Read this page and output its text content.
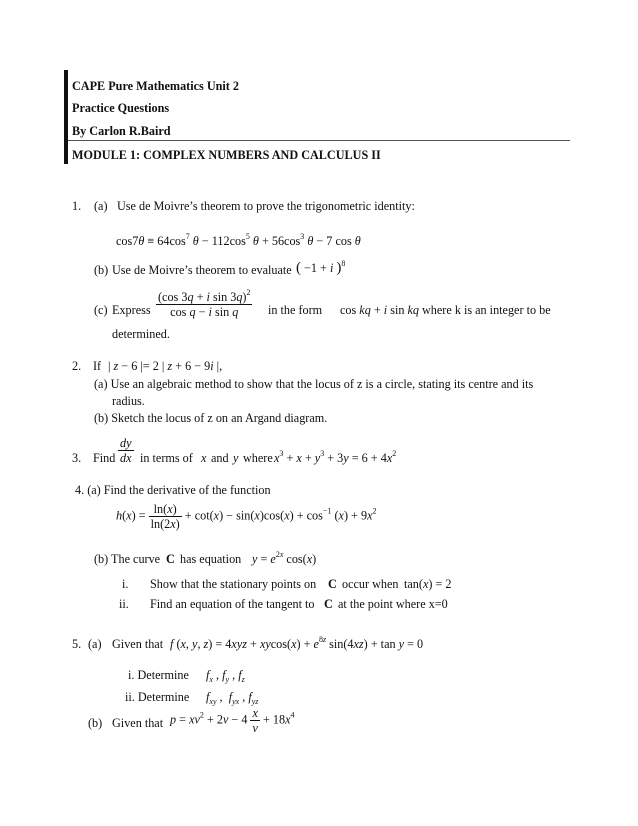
CAPE Pure Mathematics Unit 2
Practice Questions
By Carlon R.Baird
MODULE 1: COMPLEX NUMBERS AND CALCULUS II
1. (a) Use de Moivre’s theorem to prove the trigonometric identity:
$\cos 7\theta \equiv 64\cos^7$ $\theta - 112\cos^5$ $\theta + 56\cos^3$ θ − 7 cos θ
(b) Use de Moivre’s theorem to evaluate ( −1 + i )$^8$
(c) Express $\frac{(\cos 3q + i \sin 3q)^2}{\text{cos q − i sin q}}$ in the form cos kq + i sin kq where k is an integer to be
determined.
2. If | z − 6 |= 2 | z + 6 − 9i |,
(a) Use an algebraic method to show that the locus of z is a circle, stating its centre and its
radius.
(b) Sketch the locus of z on an Argand diagram.
3. Find $\frac{dy}{dx}$ in terms of x and y where $x^3 + x + y^3 + 3y = 6 + 4x^2$
4. (a) Find the derivative of the function
$h(x) = \frac{\ln(x)}{\ln(2x)} + \cot(x) - \sin(x)\cos(x) + \cos^{-1} (x) + 9x^2$
(b) The curve C has equation $y = e^{2x}$ cos(x)
i. Show that the stationary points on C occur when tan(x) = 2
ii. Find an equation of the tangent to C at the point where x=0
5. (a) Given that f (x, y, $z) = 4xyz + xycos(x) + e^{8z}$ sin(4xz) + tan y = 0
i. Determine $f_x$ , $f_y$ , $f_z$
ii. Determine $f_{xy}$ ,  $f_{yx}$ , $f_{yz}$
(b) Given that $p = xv^2 + 2v - 4 \frac{x}{v} + 18x^4$
